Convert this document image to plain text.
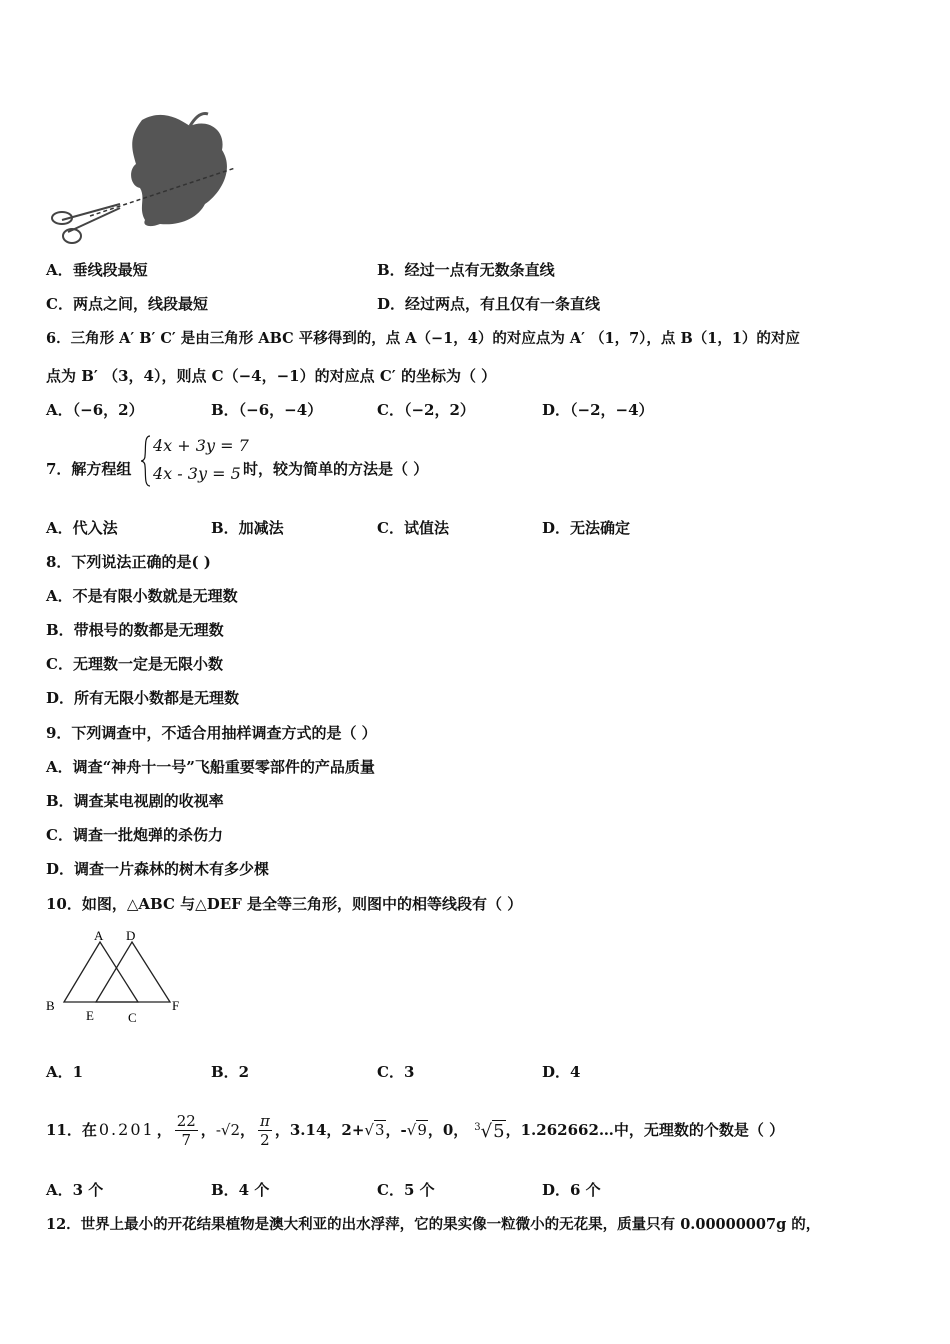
A．垂线段最短	B．经过一点有无数条直线
C．两点之间，线段最短	D．经过两点，有且仅有一条直线
6．三角形 A′ B′ C′ 是由三角形 ABC 平移得到的，点 A（−1，4）的对应点为 A′ （1，7），点 B（1，1）的对应
点为 B′ （3，4），则点 C（−4，−1）的对应点 C′ 的坐标为（ ）
A．（−6，2）	B．（−6，−4）	C．（−2，2）	D．（−2，−4）
7．解方程组
4x + 3y = 7
4x - 3y = 5 时，较为简单的方法是（ ）
A．代入法	B．加减法	C．试值法	D．无法确定
8．下列说法正确的是( )
A．不是有限小数就是无理数
B．带根号的数都是无理数
C．无理数一定是无限小数
D．所有无限小数都是无理数
9．下列调查中，不适合用抽样调查方式的是（ ）
A．调查“神舟十一号”飞船重要零部件的产品质量
B．调查某电视剧的收视率
C．调查一批炮弹的杀伤力
D．调查一片森林的树木有多少棵
10．如图，△ABC 与△DEF 是全等三角形，则图中的相等线段有（ ）
A D
B
E	C
F
A．1	B．2	C．3	D．4
11．在 0.201 ， $\frac{22}{7}$ ， -√2 ， $\frac{\pi}{2}$ ，3.14，2+ √3 ，- √9 ，0， $^3$√5 ，1.262662…中，无理数的个数是（ ）
A．3 个	B．4 个	C．5 个	D．6 个
12．世界上最小的开花结果植物是澳大利亚的出水浮萍，它的果实像一粒微小的无花果，质量只有 0.00000007g 的，
